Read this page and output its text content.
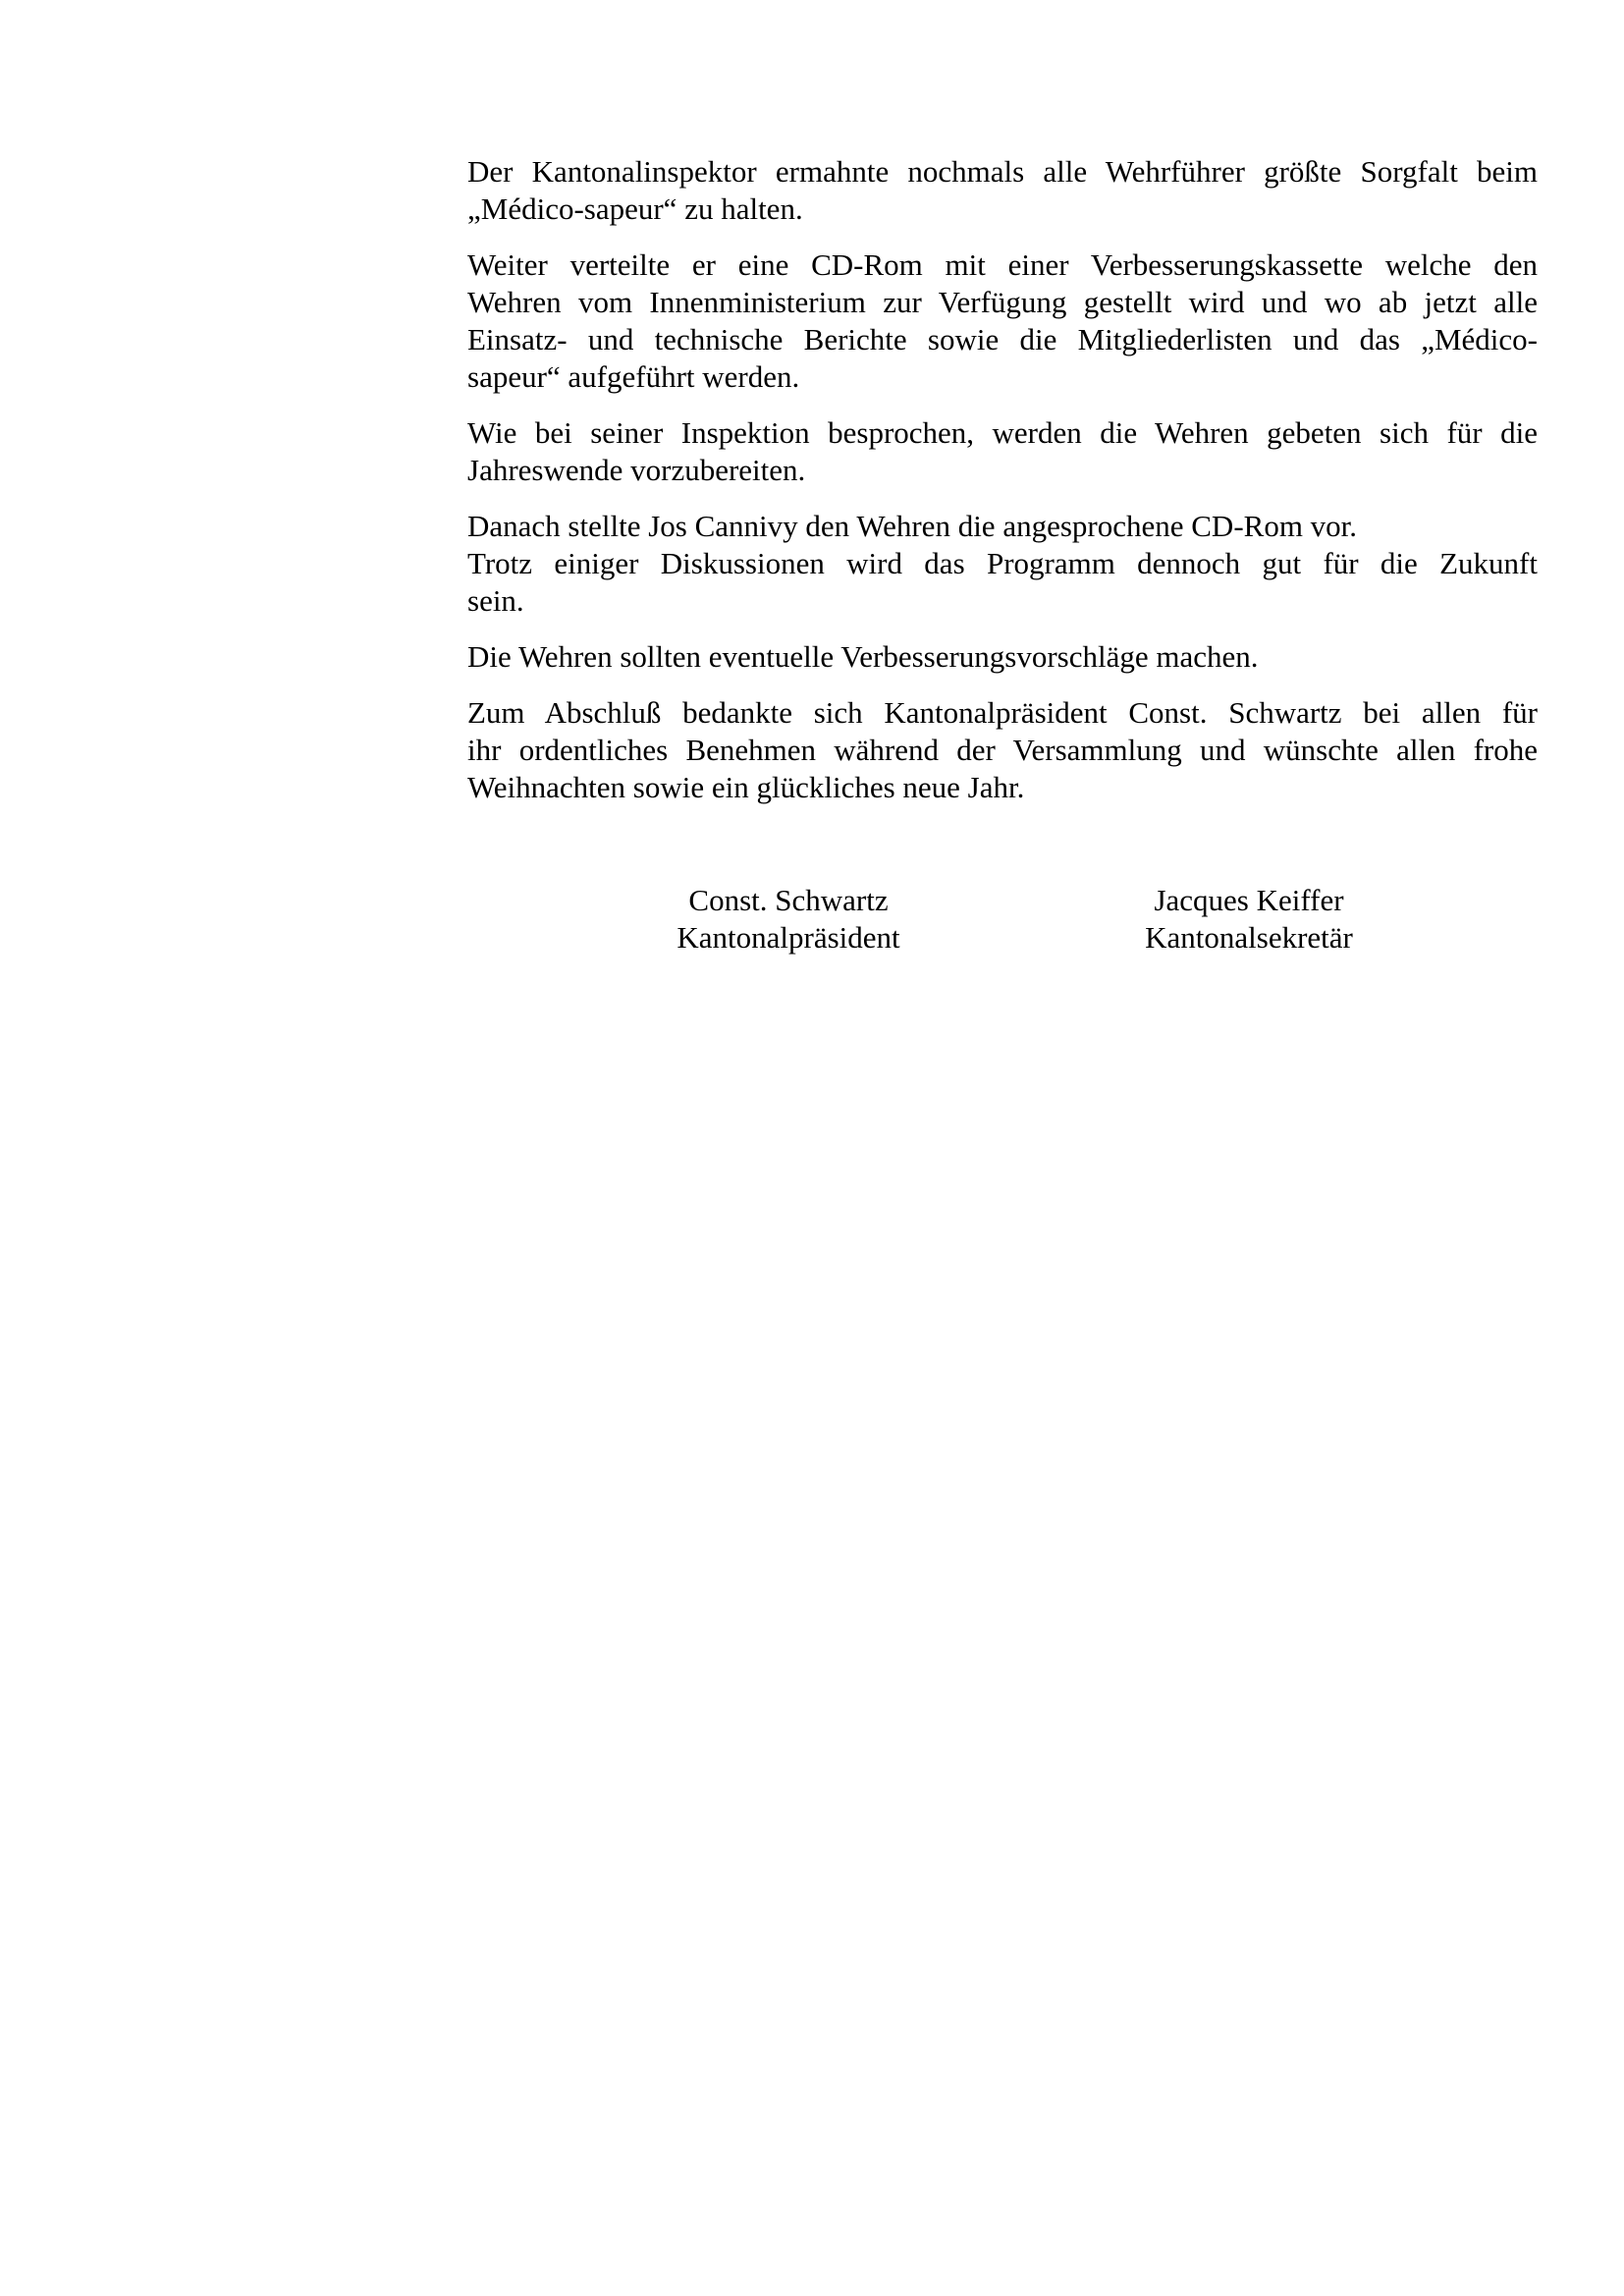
Der Kantonalinspektor ermahnte nochmals alle Wehrführer größte Sorgfalt beim
„Médico-sapeur“ zu halten.

Weiter verteilte er eine CD-Rom mit einer Verbesserungskassette welche den
Wehren vom Innenministerium zur Verfügung gestellt wird und wo ab jetzt alle
Einsatz- und technische Berichte sowie die Mitgliederlisten und das „Médico-
sapeur“ aufgeführt werden.

Wie bei seiner Inspektion besprochen, werden die Wehren gebeten sich für die
Jahreswende vorzubereiten.

Danach stellte Jos Cannivy den Wehren die angesprochene CD-Rom vor.
Trotz einiger Diskussionen wird das Programm dennoch gut für die Zukunft
sein.

Die Wehren sollten eventuelle Verbesserungsvorschläge machen.

Zum Abschluß bedankte sich Kantonalpräsident Const. Schwartz bei allen für
ihr ordentliches Benehmen während der Versammlung und wünschte allen frohe
Weihnachten sowie ein glückliches neue Jahr.

Const. Schwartz
Kantonalpräsident
Jacques Keiffer
Kantonalsekretär
